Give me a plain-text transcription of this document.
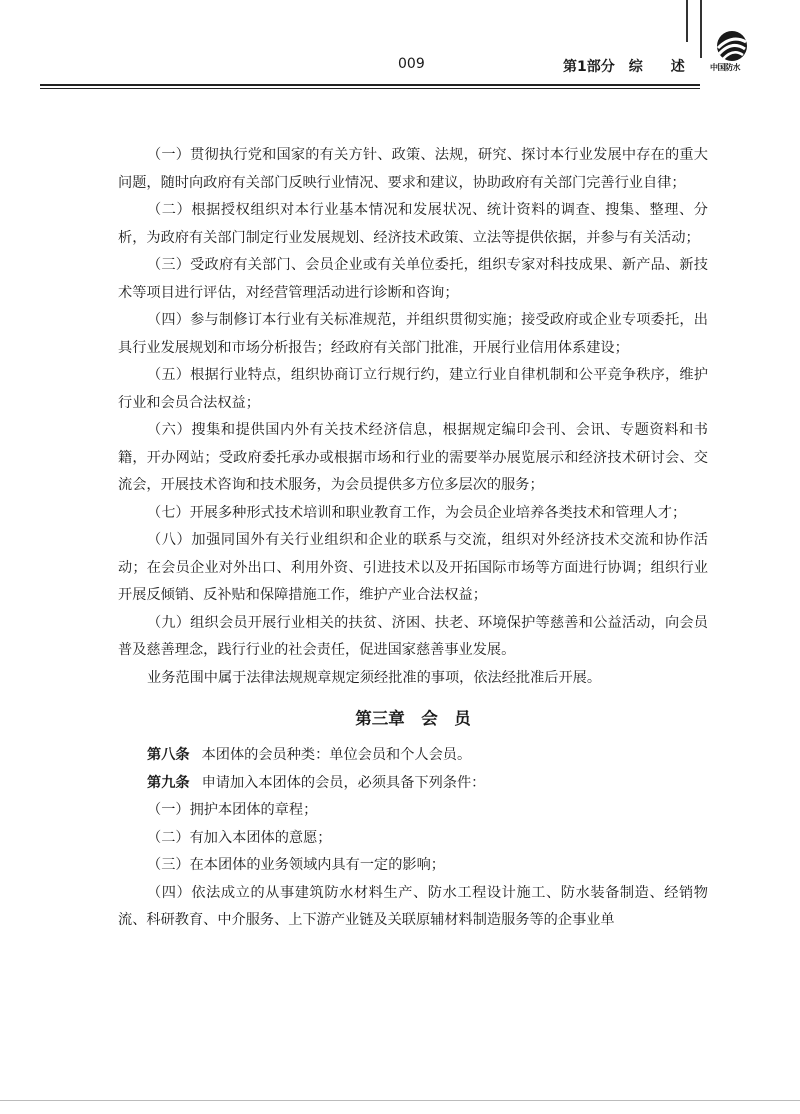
009	第1部分　综　　述	中国防水

（一）贯彻执行党和国家的有关方针、政策、法规，研究、探讨本行业发展中存在的重大问题，随时向政府有关部门反映行业情况、要求和建议，协助政府有关部门完善行业自律；

（二）根据授权组织对本行业基本情况和发展状况、统计资料的调查、搜集、整理、分析，为政府有关部门制定行业发展规划、经济技术政策、立法等提供依据，并参与有关活动；

（三）受政府有关部门、会员企业或有关单位委托，组织专家对科技成果、新产品、新技术等项目进行评估，对经营管理活动进行诊断和咨询；

（四）参与制修订本行业有关标准规范，并组织贯彻实施；接受政府或企业专项委托，出具行业发展规划和市场分析报告；经政府有关部门批准，开展行业信用体系建设；

（五）根据行业特点，组织协商订立行规行约，建立行业自律机制和公平竞争秩序，维护行业和会员合法权益；

（六）搜集和提供国内外有关技术经济信息，根据规定编印会刊、会讯、专题资料和书籍，开办网站；受政府委托承办或根据市场和行业的需要举办展览展示和经济技术研讨会、交流会，开展技术咨询和技术服务，为会员提供多方位多层次的服务；

（七）开展多种形式技术培训和职业教育工作，为会员企业培养各类技术和管理人才；

（八）加强同国外有关行业组织和企业的联系与交流，组织对外经济技术交流和协作活动；在会员企业对外出口、利用外资、引进技术以及开拓国际市场等方面进行协调；组织行业开展反倾销、反补贴和保障措施工作，维护产业合法权益；

（九）组织会员开展行业相关的扶贫、济困、扶老、环境保护等慈善和公益活动，向会员普及慈善理念，践行行业的社会责任，促进国家慈善事业发展。

业务范围中属于法律法规规章规定须经批准的事项，依法经批准后开展。

第三章　会　员

第八条 本团体的会员种类：单位会员和个人会员。

第九条 申请加入本团体的会员，必须具备下列条件：

（一）拥护本团体的章程；

（二）有加入本团体的意愿；

（三）在本团体的业务领域内具有一定的影响；

（四）依法成立的从事建筑防水材料生产、防水工程设计施工、防水装备制造、经销物流、科研教育、中介服务、上下游产业链及关联原辅材料制造服务等的企事业单
